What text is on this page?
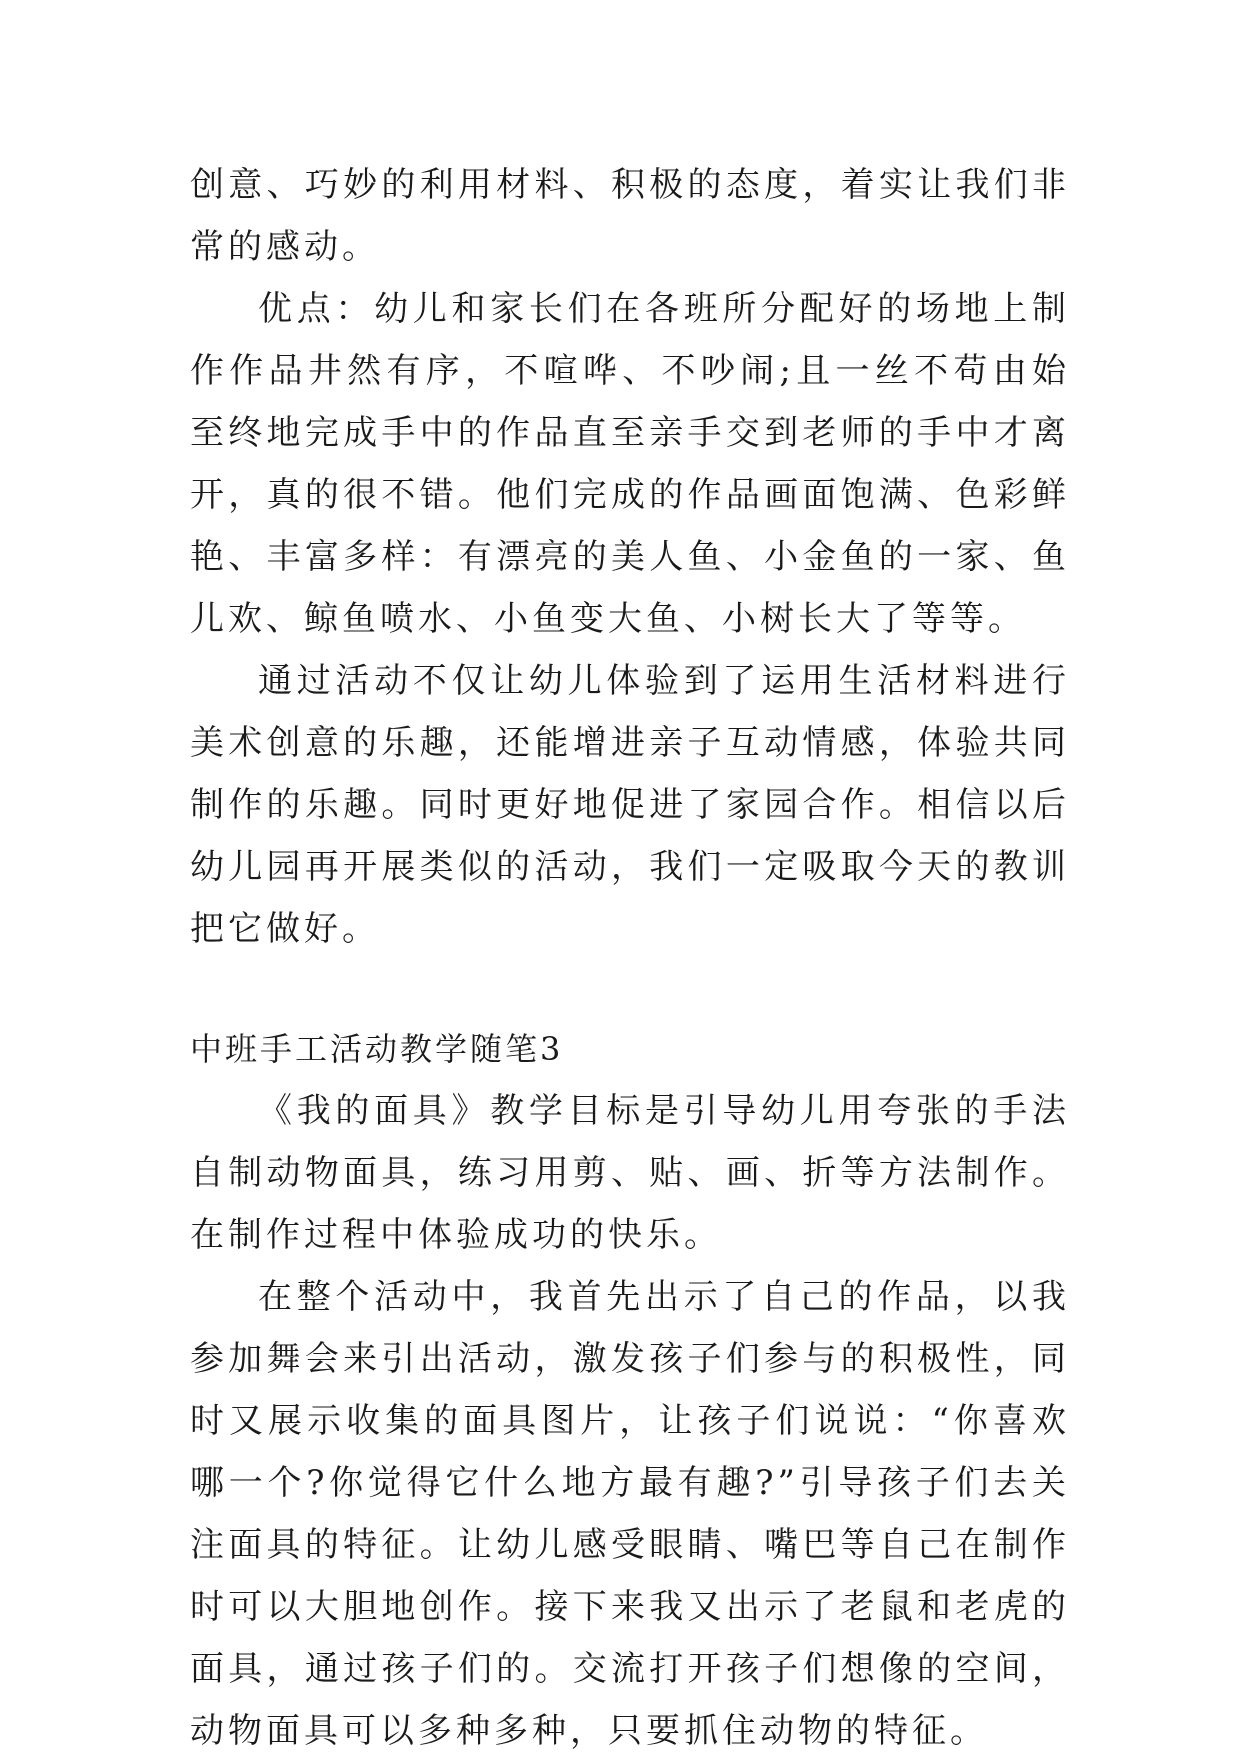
创意、巧妙的利用材料、积极的态度，着实让我们非常的感动。

优点：幼儿和家长们在各班所分配好的场地上制作作品井然有序，不喧哗、不吵闹;且一丝不苟由始至终地完成手中的作品直至亲手交到老师的手中才离开，真的很不错。他们完成的作品画面饱满、色彩鲜艳、丰富多样：有漂亮的美人鱼、小金鱼的一家、鱼儿欢、鲸鱼喷水、小鱼变大鱼、小树长大了等等。

通过活动不仅让幼儿体验到了运用生活材料进行美术创意的乐趣，还能增进亲子互动情感，体验共同制作的乐趣。同时更好地促进了家园合作。相信以后幼儿园再开展类似的活动，我们一定吸取今天的教训把它做好。

中班手工活动教学随笔3

《我的面具》教学目标是引导幼儿用夸张的手法自制动物面具，练习用剪、贴、画、折等方法制作。在制作过程中体验成功的快乐。

在整个活动中，我首先出示了自己的作品，以我参加舞会来引出活动，激发孩子们参与的积极性，同时又展示收集的面具图片，让孩子们说说：“你喜欢哪一个?你觉得它什么地方最有趣?”引导孩子们去关注面具的特征。让幼儿感受眼睛、嘴巴等自己在制作时可以大胆地创作。接下来我又出示了老鼠和老虎的面具，通过孩子们的。交流打开孩子们想像的空间，动物面具可以多种多种，只要抓住动物的特征。
